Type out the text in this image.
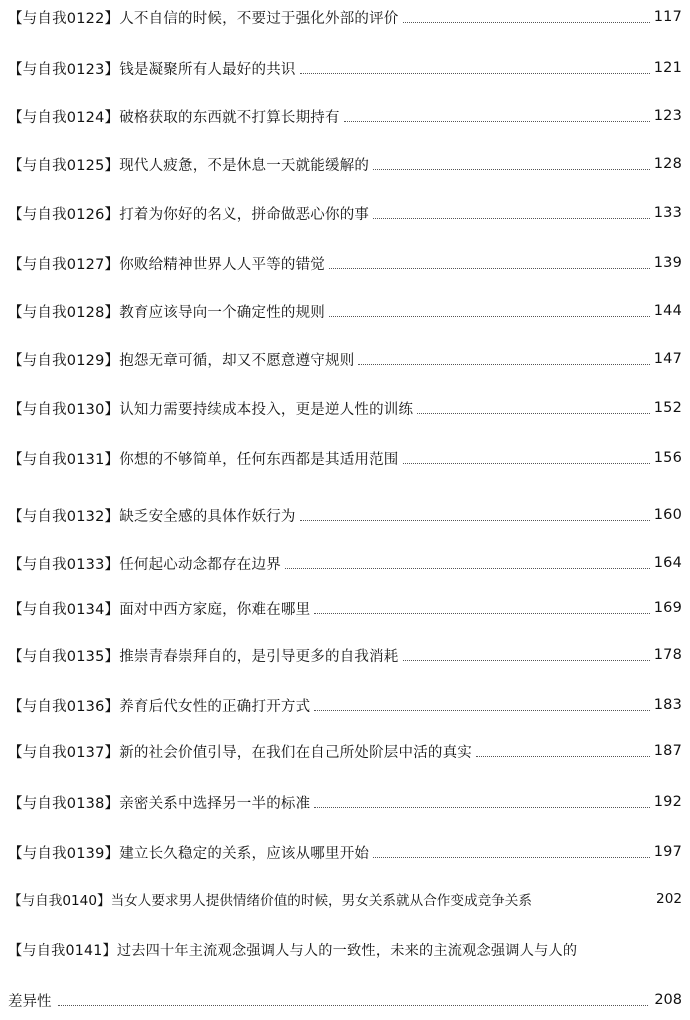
【与自我0122】人不自信的时候，不要过于强化外部的评价	117
【与自我0123】钱是凝聚所有人最好的共识	121
【与自我0124】破格获取的东西就不打算长期持有	123
【与自我0125】现代人疲惫，不是休息一天就能缓解的	128
【与自我0126】打着为你好的名义，拼命做恶心你的事	133
【与自我0127】你败给精神世界人人平等的错觉	139
【与自我0128】教育应该导向一个确定性的规则	144
【与自我0129】抱怨无章可循，却又不愿意遵守规则	147
【与自我0130】认知力需要持续成本投入，更是逆人性的训练	152
【与自我0131】你想的不够简单，任何东西都是其适用范围	156
【与自我0132】缺乏安全感的具体作妖行为	160
【与自我0133】任何起心动念都存在边界	164
【与自我0134】面对中西方家庭，你难在哪里	169
【与自我0135】推崇青春崇拜自的，是引导更多的自我消耗	178
【与自我0136】养育后代女性的正确打开方式	183
【与自我0137】新的社会价值引导，在我们在自己所处阶层中活的真实	187
【与自我0138】亲密关系中选择另一半的标准	192
【与自我0139】建立长久稳定的关系，应该从哪里开始	197
【与自我0140】当女人要求男人提供情绪价值的时候，男女关系就从合作变成竞争关系	202
【与自我0141】过去四十年主流观念强调人与人的一致性，未来的主流观念强调人与人的
差异性	208
